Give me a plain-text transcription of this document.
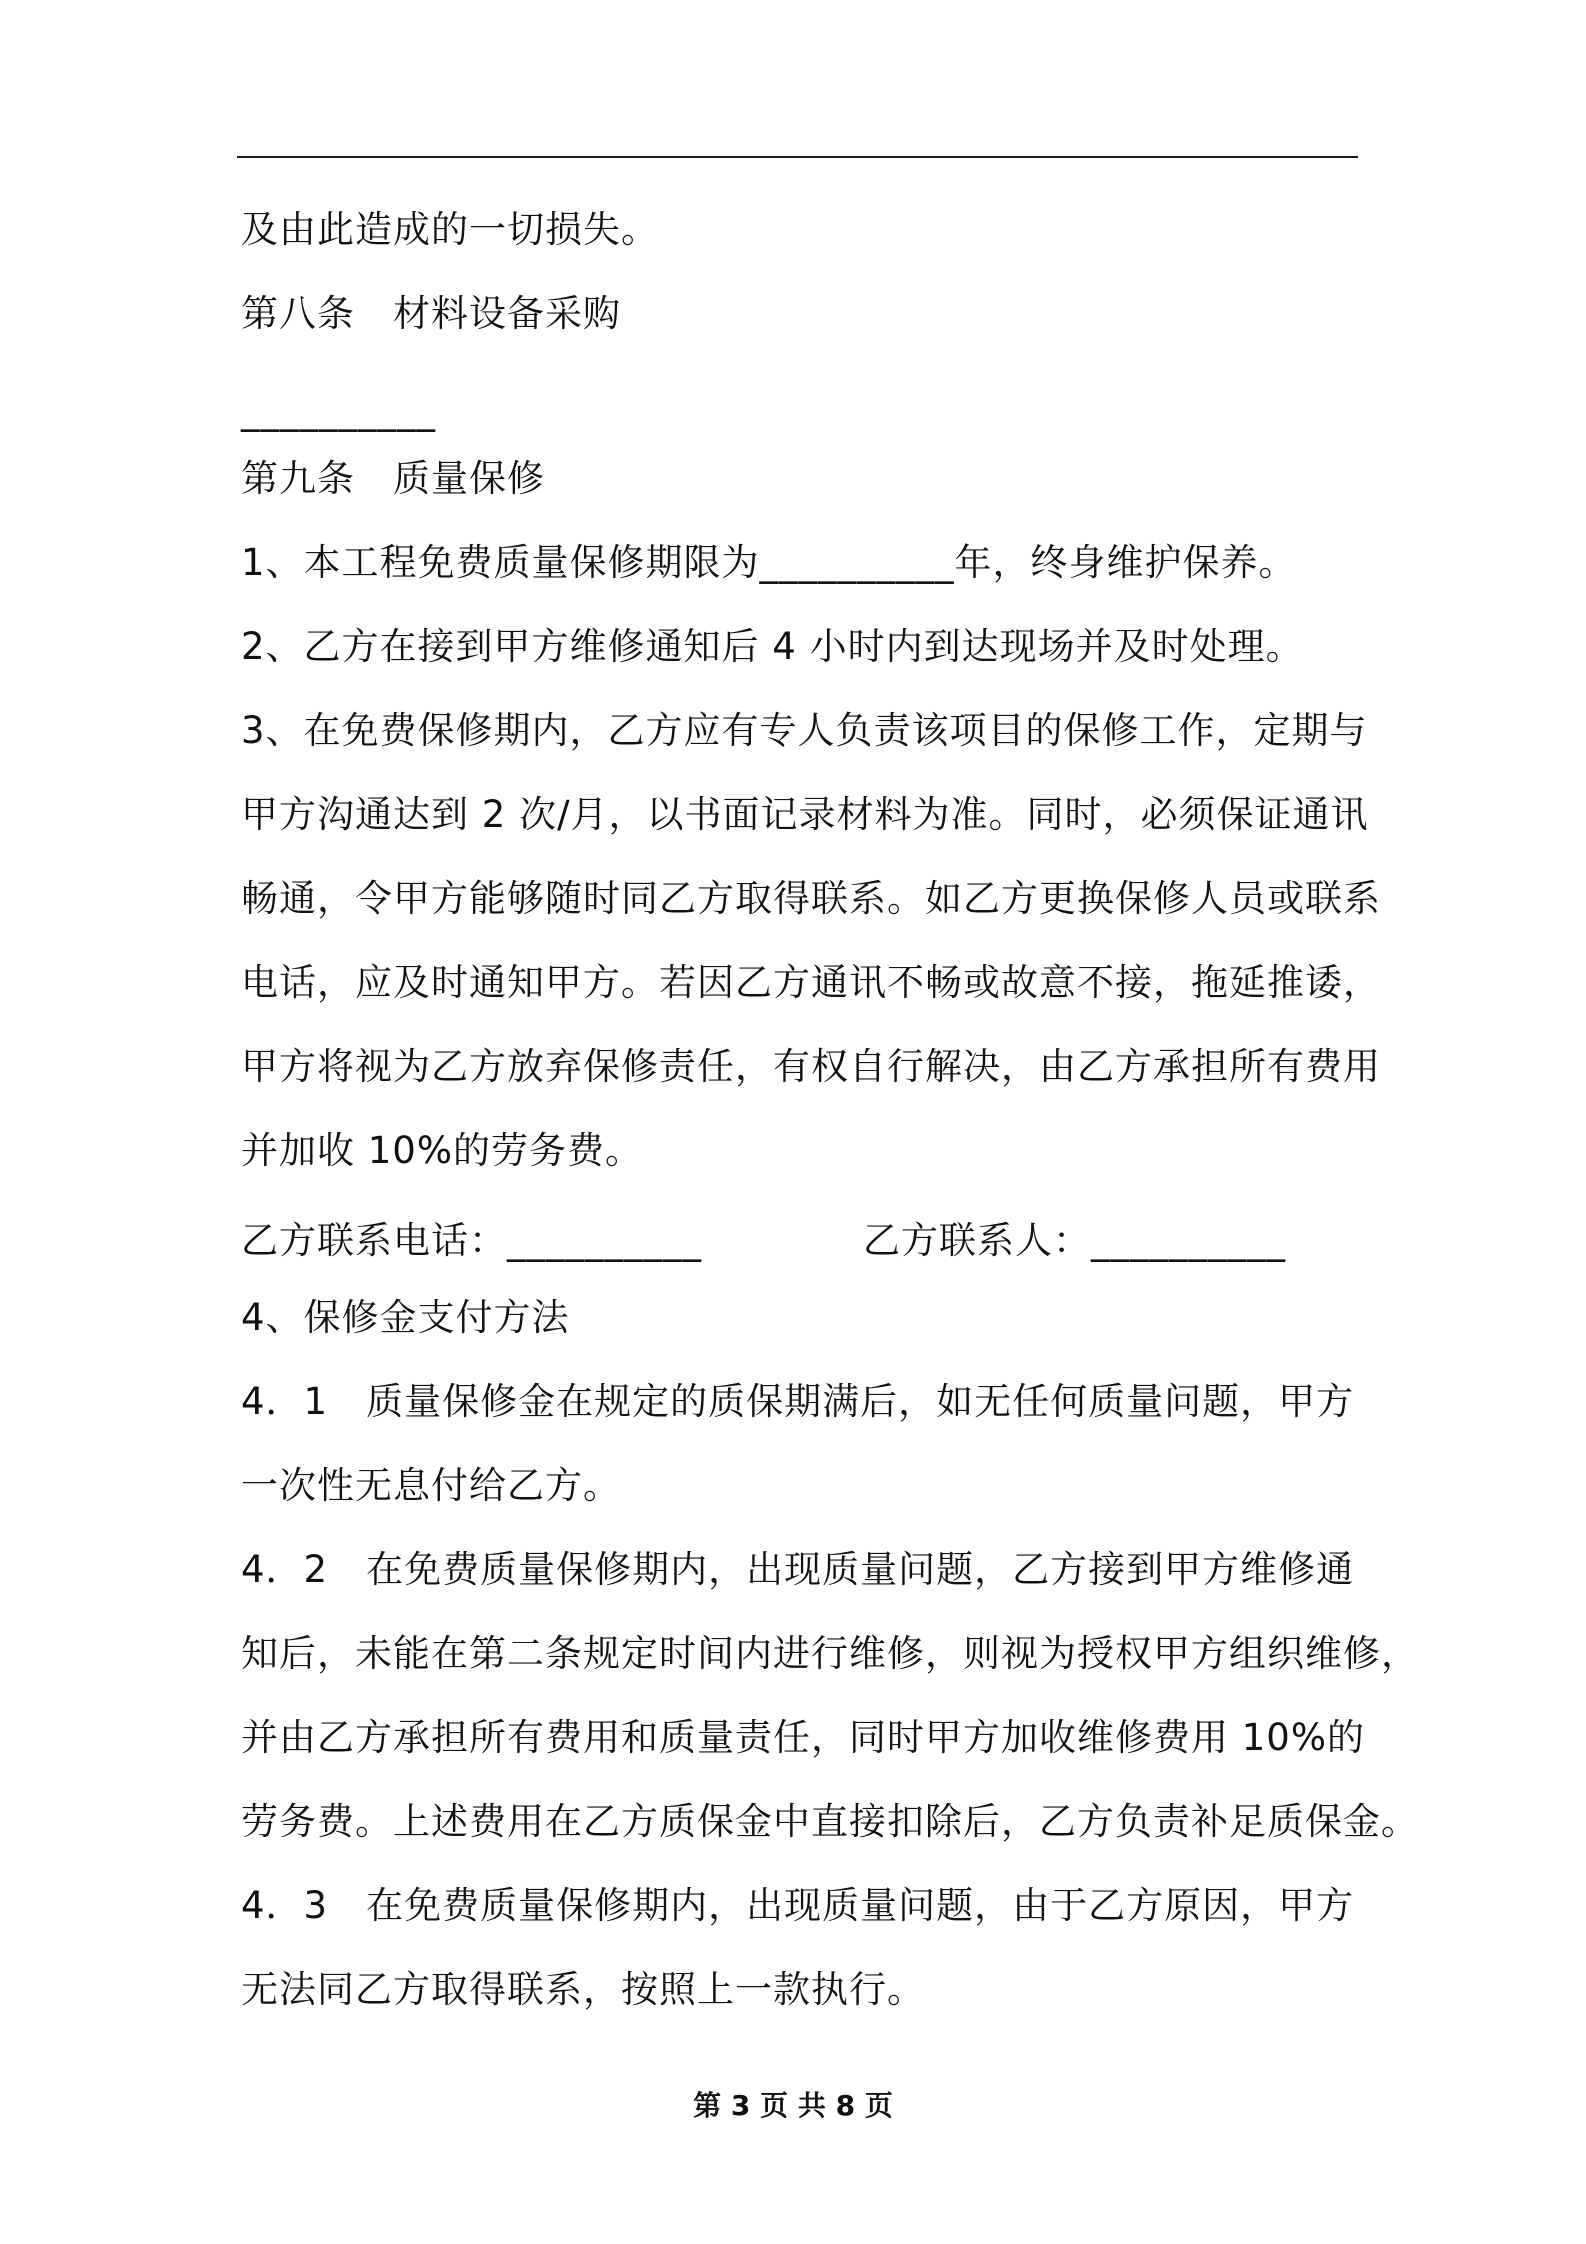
及由此造成的一切损失。
第八条　材料设备采购
__________
第九条　质量保修
1、本工程免费质量保修期限为__________年，终身维护保养。
2、乙方在接到甲方维修通知后 4 小时内到达现场并及时处理。
3、在免费保修期内，乙方应有专人负责该项目的保修工作，定期与
甲方沟通达到 2 次/月，以书面记录材料为准。同时，必须保证通讯
畅通，令甲方能够随时同乙方取得联系。如乙方更换保修人员或联系
电话，应及时通知甲方。若因乙方通讯不畅或故意不接，拖延推诿，
甲方将视为乙方放弃保修责任，有权自行解决，由乙方承担所有费用
并加收 10%的劳务费。
乙方联系电话：__________	乙方联系人：__________
4、保修金支付方法
4．1　质量保修金在规定的质保期满后，如无任何质量问题，甲方
一次性无息付给乙方。
4．2　在免费质量保修期内，出现质量问题，乙方接到甲方维修通
知后，未能在第二条规定时间内进行维修，则视为授权甲方组织维修，
并由乙方承担所有费用和质量责任，同时甲方加收维修费用 10%的
劳务费。上述费用在乙方质保金中直接扣除后，乙方负责补足质保金。
4．3　在免费质量保修期内，出现质量问题，由于乙方原因，甲方
无法同乙方取得联系，按照上一款执行。
第 3 页 共 8 页
